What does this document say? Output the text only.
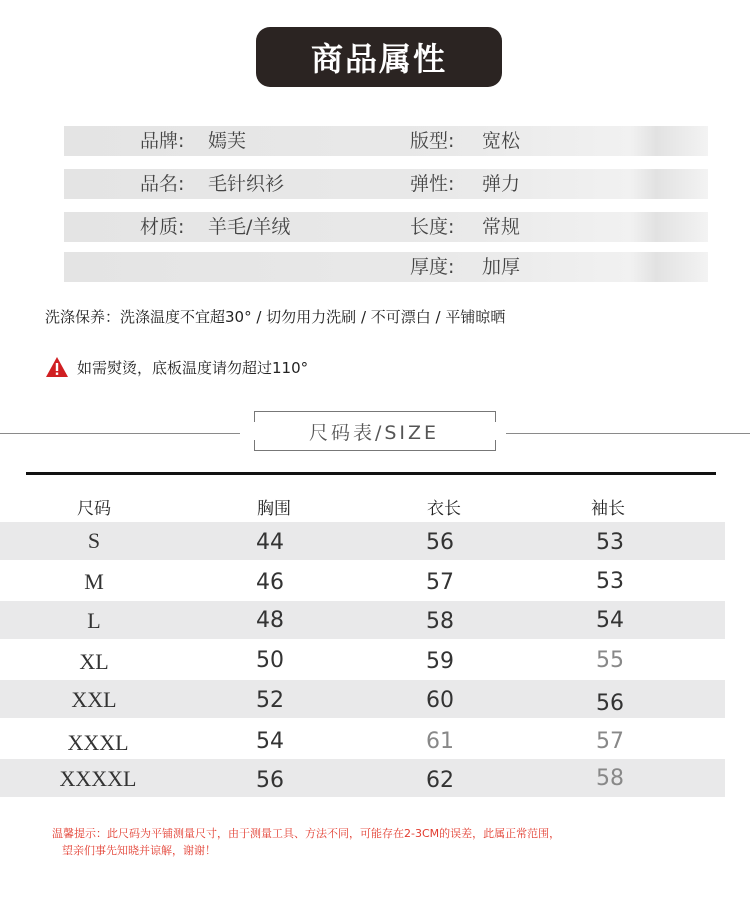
商品属性
品牌: 嫣芙	版型: 宽松
品名: 毛针织衫	弹性: 弹力
材质: 羊毛/羊绒	长度: 常规
厚度: 加厚
洗涤保养：洗涤温度不宜超30° / 切勿用力洗刷 / 不可漂白 / 平铺晾晒
如需熨烫，底板温度请勿超过110°
尺码表/SIZE
尺码	胸围	衣长	袖长
S	44	56	53
M	46	57	53
L	48	58	54
XL	50	59	55
XXL	52	60	56
XXXL	54	61	57
XXXXL	56	62	58
温馨提示：此尺码为平铺测量尺寸，由于测量工具、方法不同，可能存在2-3CM的误差，此属正常范围，
望亲们事先知晓并谅解，谢谢！
